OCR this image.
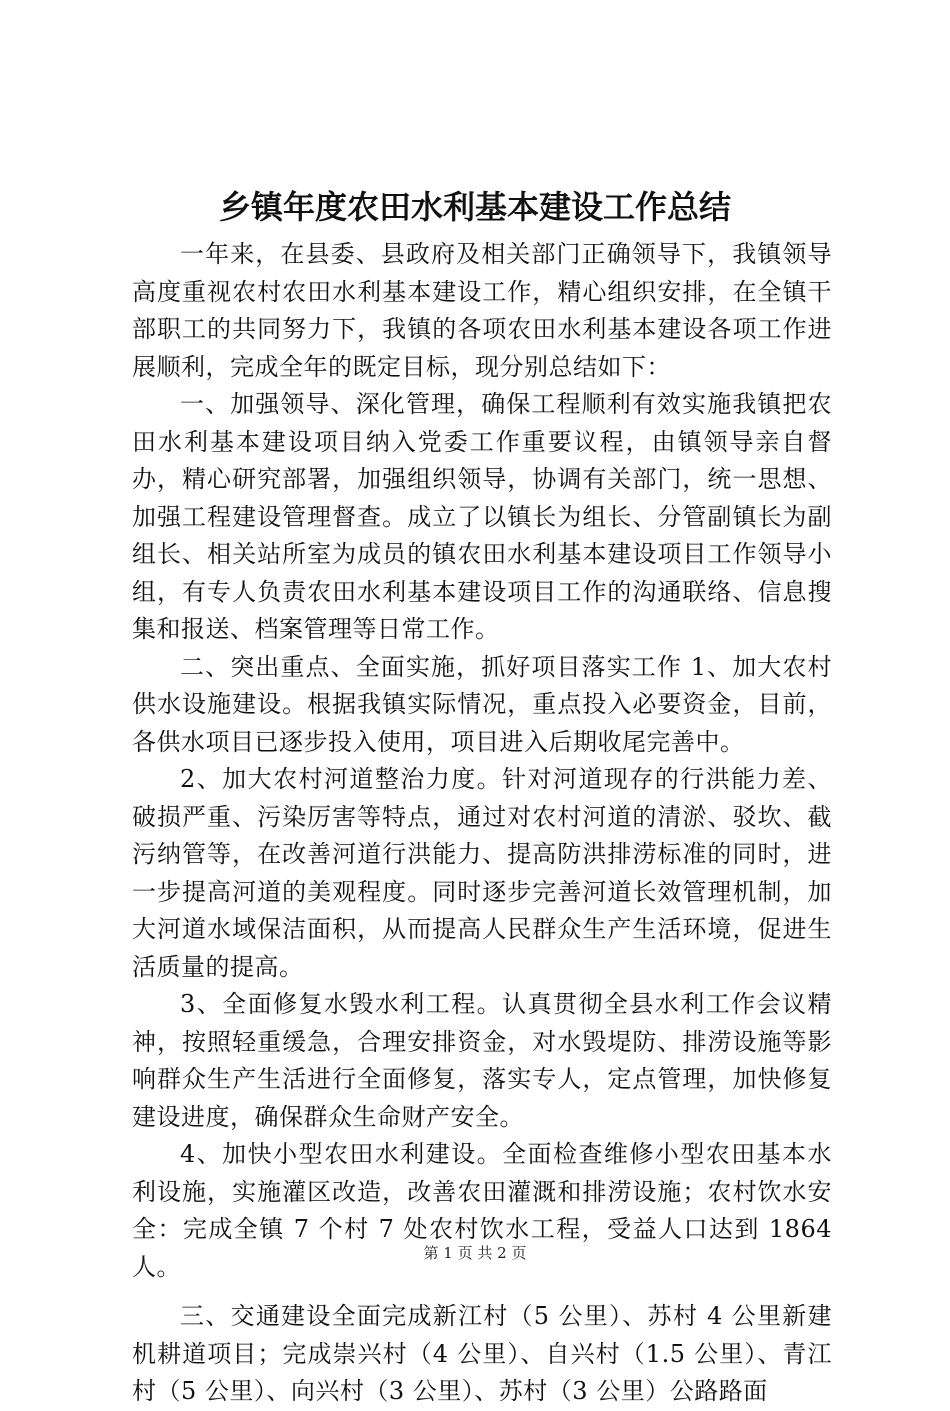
乡镇年度农田水利基本建设工作总结

一年来，在县委、县政府及相关部门正确领导下，我镇领导高度重视农村农田水利基本建设工作，精心组织安排，在全镇干部职工的共同努力下，我镇的各项农田水利基本建设各项工作进展顺利，完成全年的既定目标，现分别总结如下：

一、加强领导、深化管理，确保工程顺利有效实施我镇把农田水利基本建设项目纳入党委工作重要议程，由镇领导亲自督办，精心研究部署，加强组织领导，协调有关部门，统一思想、加强工程建设管理督查。成立了以镇长为组长、分管副镇长为副组长、相关站所室为成员的镇农田水利基本建设项目工作领导小组，有专人负责农田水利基本建设项目工作的沟通联络、信息搜集和报送、档案管理等日常工作。

二、突出重点、全面实施，抓好项目落实工作 1、加大农村供水设施建设。根据我镇实际情况，重点投入必要资金，目前，各供水项目已逐步投入使用，项目进入后期收尾完善中。

2、加大农村河道整治力度。针对河道现存的行洪能力差、破损严重、污染厉害等特点，通过对农村河道的清淤、驳坎、截污纳管等，在改善河道行洪能力、提高防洪排涝标准的同时，进一步提高河道的美观程度。同时逐步完善河道长效管理机制，加大河道水域保洁面积，从而提高人民群众生产生活环境，促进生活质量的提高。

3、全面修复水毁水利工程。认真贯彻全县水利工作会议精神，按照轻重缓急，合理安排资金，对水毁堤防、排涝设施等影响群众生产生活进行全面修复，落实专人，定点管理，加快修复建设进度，确保群众生命财产安全。

4、加快小型农田水利建设。全面检查维修小型农田基本水利设施，实施灌区改造，改善农田灌溉和排涝设施；农村饮水安全：完成全镇 7 个村 7 处农村饮水工程，受益人口达到 1864 人。

三、交通建设全面完成新江村（5 公里）、苏村 4 公里新建机耕道项目；完成崇兴村（4 公里）、自兴村（1.5 公里）、青江村（5 公里）、向兴村（3 公里）、苏村（3 公里）公路路面

第 1 页 共 2 页
